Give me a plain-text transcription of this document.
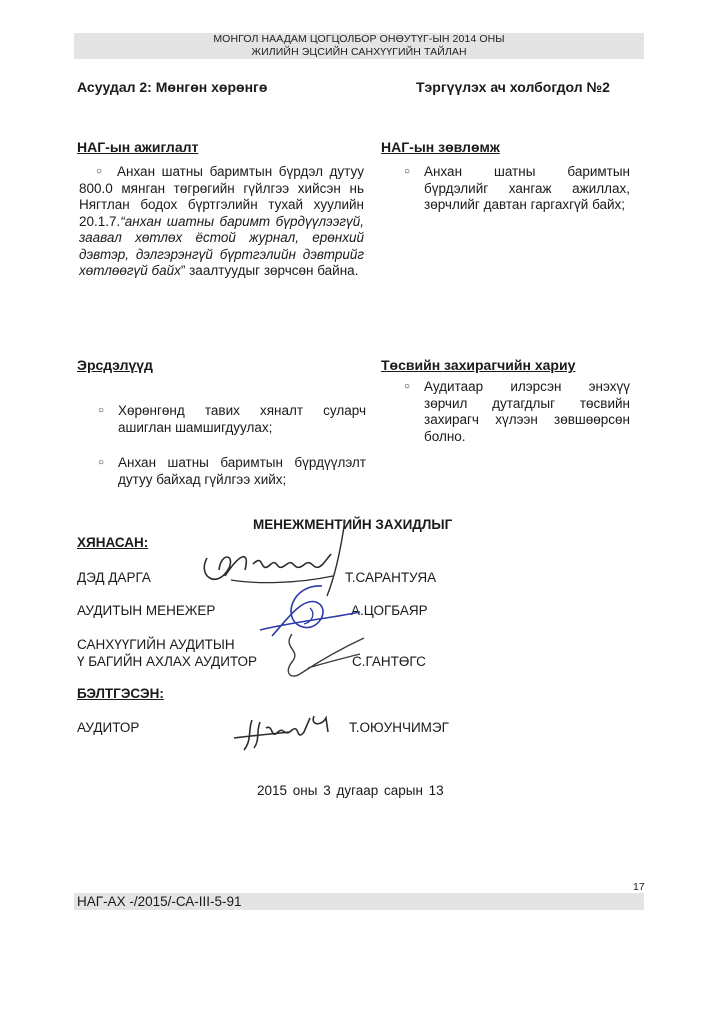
МОНГОЛ НААДАМ ЦОГЦОЛБОР ОНӨУТҮГ-ЫН 2014 ОНЫ
ЖИЛИЙН ЭЦСИЙН САНХҮҮГИЙН ТАЙЛАН
Асуудал 2: Мөнгөн хөрөнгө	Тэргүүлэх ач холбогдол №2
НАГ-ын ажиглалт
○ Анхан шатны баримтын бүрдэл дутуу 800.0 мянган төгрөгийн гүйлгээ хийсэн нь Нягтлан бодох бүртгэлийн тухай хуулийн 20.1.7.“анхан шатны баримт бүрдүүлээгүй, заавал хөтлөх ёстой журнал, ерөнхий дэвтэр, дэлгэрэнгүй бүртгэлийн дэвтрийг хөтлөөгүй байх” заалтуудыг зөрчсөн байна.
НАГ-ын зөвлөмж
○ Анхан шатны баримтын бүрдэлийг хангаж ажиллах, зөрчлийг давтан гаргахгүй байх;
Эрсдэлүүд
○ Хөрөнгөнд тавих хяналт суларч ашиглан шамшигдуулах;
○ Анхан шатны баримтын бүрдүүлэлт дутуу байхад гүйлгээ хийх;
Төсвийн захирагчийн хариу
○ Аудитаар илэрсэн энэхүү зөрчил дутагдлыг төсвийн захирагч хүлээн зөвшөөрсөн болно.
МЕНЕЖМЕНТИЙН ЗАХИДЛЫГ
ХЯНАСАН:
ДЭД ДАРГА	Т.САРАНТУЯА
АУДИТЫН МЕНЕЖЕР	А.ЦОГБАЯР
САНХҮҮГИЙН АУДИТЫН
Ү БАГИЙН АХЛАХ АУДИТОР	С.ГАНТӨГС
БЭЛТГЭСЭН:
АУДИТОР	Т.ОЮУНЧИМЭГ
2015 оны 3 дугаар сарын 13
17
НАГ-АХ -/2015/-СА-III-5-91
